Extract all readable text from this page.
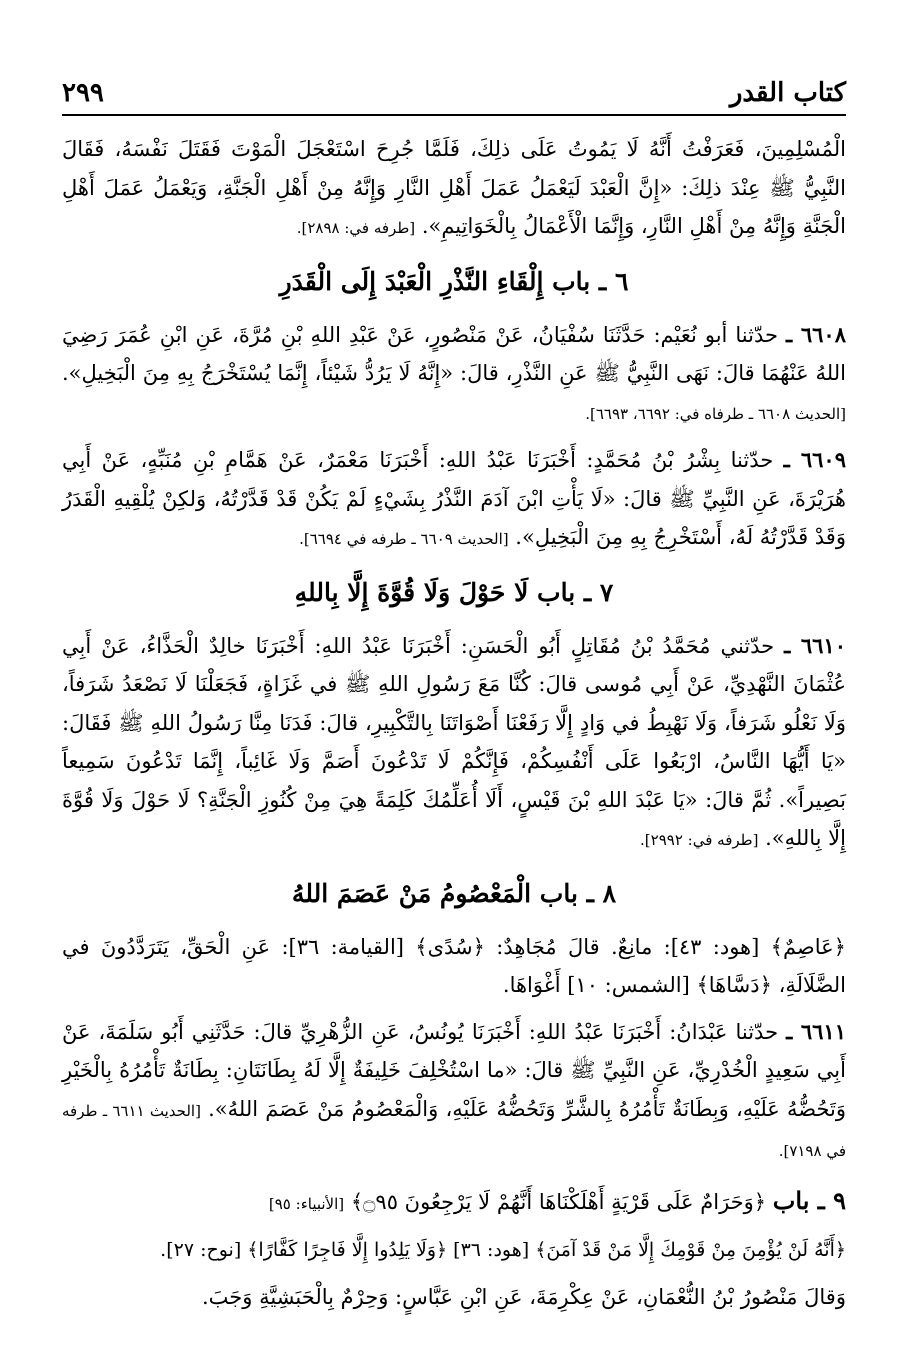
كتاب القدر
٢٩٩

الْمُسْلِمِينَ، فَعَرَفْتُ أَنَّهُ لَا يَمُوتُ عَلَى ذلِكَ، فَلَمَّا جُرِحَ اسْتَعْجَلَ الْمَوْتَ فَقَتَلَ نَفْسَهُ، فَقَالَ النَّبِيُّ ﷺ عِنْدَ ذلِكَ: «إِنَّ الْعَبْدَ لَيَعْمَلُ عَمَلَ أَهْلِ النَّارِ وَإِنَّهُ مِنْ أَهْلِ الْجَنَّةِ، وَيَعْمَلُ عَمَلَ أَهْلِ الْجَنَّةِ وَإِنَّهُ مِنْ أَهْلِ النَّارِ، وَإِنَّمَا الْأَعْمَالُ بِالْخَوَاتِيمِ». [طرفه في: ٢٨٩٨].

٦ ـ باب إِلْقَاءِ النَّذْرِ الْعَبْدَ إِلَى الْقَدَرِ

٦٦٠٨ ـ حدّثنا أبو نُعَيْم: حَدَّثَنَا سُفْيَانُ، عَنْ مَنْصُورٍ، عَنْ عَبْدِ اللهِ بْنِ مُرَّةَ، عَنِ ابْنِ عُمَرَ رَضِيَ اللهُ عَنْهُمَا قالَ: نَهَى النَّبِيُّ ﷺ عَنِ النَّذْرِ، قالَ: «إِنَّهُ لَا يَرُدُّ شَيْئاً، إِنَّمَا يُسْتَخْرَجُ بِهِ مِنَ الْبَخِيلِ». [الحديث ٦٦٠٨ ـ طرفاه في: ٦٦٩٢، ٦٦٩٣].

٦٦٠٩ ـ حدّثنا بِشْرُ بْنُ مُحَمَّدٍ: أَخْبَرَنَا عَبْدُ اللهِ: أَخْبَرَنَا مَعْمَرٌ، عَنْ هَمَّامِ بْنِ مُنَبِّهٍ، عَنْ أَبِي هُرَيْرَةَ، عَنِ النَّبِيِّ ﷺ قالَ: «لَا يَأْتِ ابْنَ آدَمَ النَّذْرُ بِشَيْءٍ لَمْ يَكُنْ قَدْ قَدَّرْتُهُ، وَلكِنْ يُلْقِيهِ الْقَدَرُ وَقَدْ قَدَّرْتُهُ لَهُ، أَسْتَخْرِجُ بِهِ مِنَ الْبَخِيلِ». [الحديث ٦٦٠٩ ـ طرفه في ٦٦٩٤].

٧ ـ باب لَا حَوْلَ وَلَا قُوَّةَ إِلَّا بِاللهِ

٦٦١٠ ـ حدّثني مُحَمَّدُ بْنُ مُقَاتِلٍ أَبُو الْحَسَنِ: أَخْبَرَنَا عَبْدُ اللهِ: أَخْبَرَنَا خالِدٌ الْحَذَّاءُ، عَنْ أَبِي عُثْمَانَ النَّهْدِيِّ، عَنْ أَبِي مُوسى قالَ: كُنَّا مَعَ رَسُولِ اللهِ ﷺ في غَزَاةٍ، فَجَعَلْنَا لَا نَصْعَدُ شَرَفاً، وَلَا نَعْلُو شَرَفاً، وَلَا نَهْبِطُ في وَادٍ إِلَّا رَفَعْنَا أَصْوَاتَنَا بِالتَّكْبِيرِ، قالَ: فَدَنَا مِنَّا رَسُولُ اللهِ ﷺ فَقَالَ: «يَا أَيُّهَا النَّاسُ، ارْبَعُوا عَلَى أَنْفُسِكُمْ، فَإِنَّكُمْ لَا تَدْعُونَ أَصَمَّ وَلَا غَائِباً، إِنَّمَا تَدْعُونَ سَمِيعاً بَصِيراً». ثُمَّ قالَ: «يَا عَبْدَ اللهِ بْنَ قَيْسٍ، أَلَا أُعَلِّمُكَ كَلِمَةً هِيَ مِنْ كُنُوزِ الْجَنَّةِ؟ لَا حَوْلَ وَلَا قُوَّةَ إِلَّا بِاللهِ». [طرفه في: ٢٩٩٢].

٨ ـ باب الْمَعْصُومُ مَنْ عَصَمَ اللهُ

﴿عَاصِمٌ﴾ [هود: ٤٣]: مانِعٌ. قالَ مُجَاهِدٌ: ﴿سُدًى﴾ [القيامة: ٣٦]: عَنِ الْحَقِّ، يَتَرَدَّدُونَ في الضَّلَالَةِ، ﴿دَسَّاهَا﴾ [الشمس: ١٠] أَغْوَاهَا.

٦٦١١ ـ حدّثنا عَبْدَانُ: أَخْبَرَنَا عَبْدُ اللهِ: أَخْبَرَنَا يُونُسُ، عَنِ الزُّهْرِيِّ قالَ: حَدَّثَنِي أَبُو سَلَمَةَ، عَنْ أَبِي سَعِيدٍ الْخُدْرِيِّ، عَنِ النَّبِيِّ ﷺ قالَ: «ما اسْتُخْلِفَ خَلِيفَةٌ إِلَّا لَهُ بِطَانَتَانِ: بِطَانَةٌ تَأْمُرُهُ بِالْخَيْرِ وَتَحُضُّهُ عَلَيْهِ، وَبِطَانَةٌ تَأْمُرُهُ بِالشَّرِّ وَتَحُضُّهُ عَلَيْهِ، وَالْمَعْصُومُ مَنْ عَصَمَ اللهُ». [الحديث ٦٦١١ ـ طرفه في ٧١٩٨].

٩ ـ باب ﴿وَحَرَامٌ عَلَى قَرْيَةٍ أَهْلَكْنَاهَا أَنَّهُمْ لَا يَرْجِعُونَ ۝٩٥﴾ [الأنبياء: ٩٥]

﴿أَنَّهُ لَنْ يُؤْمِنَ مِنْ قَوْمِكَ إِلَّا مَنْ قَدْ آمَنَ﴾ [هود: ٣٦] ﴿وَلَا يَلِدُوا إِلَّا فَاجِرًا كَفَّارًا﴾ [نوح: ٢٧].

وَقالَ مَنْصُورُ بْنُ النُّعْمَانِ، عَنْ عِكْرِمَةَ، عَنِ ابْنِ عَبَّاسٍ: وَحِرْمٌ بِالْحَبَشِيَّةِ وَجَبَ.
